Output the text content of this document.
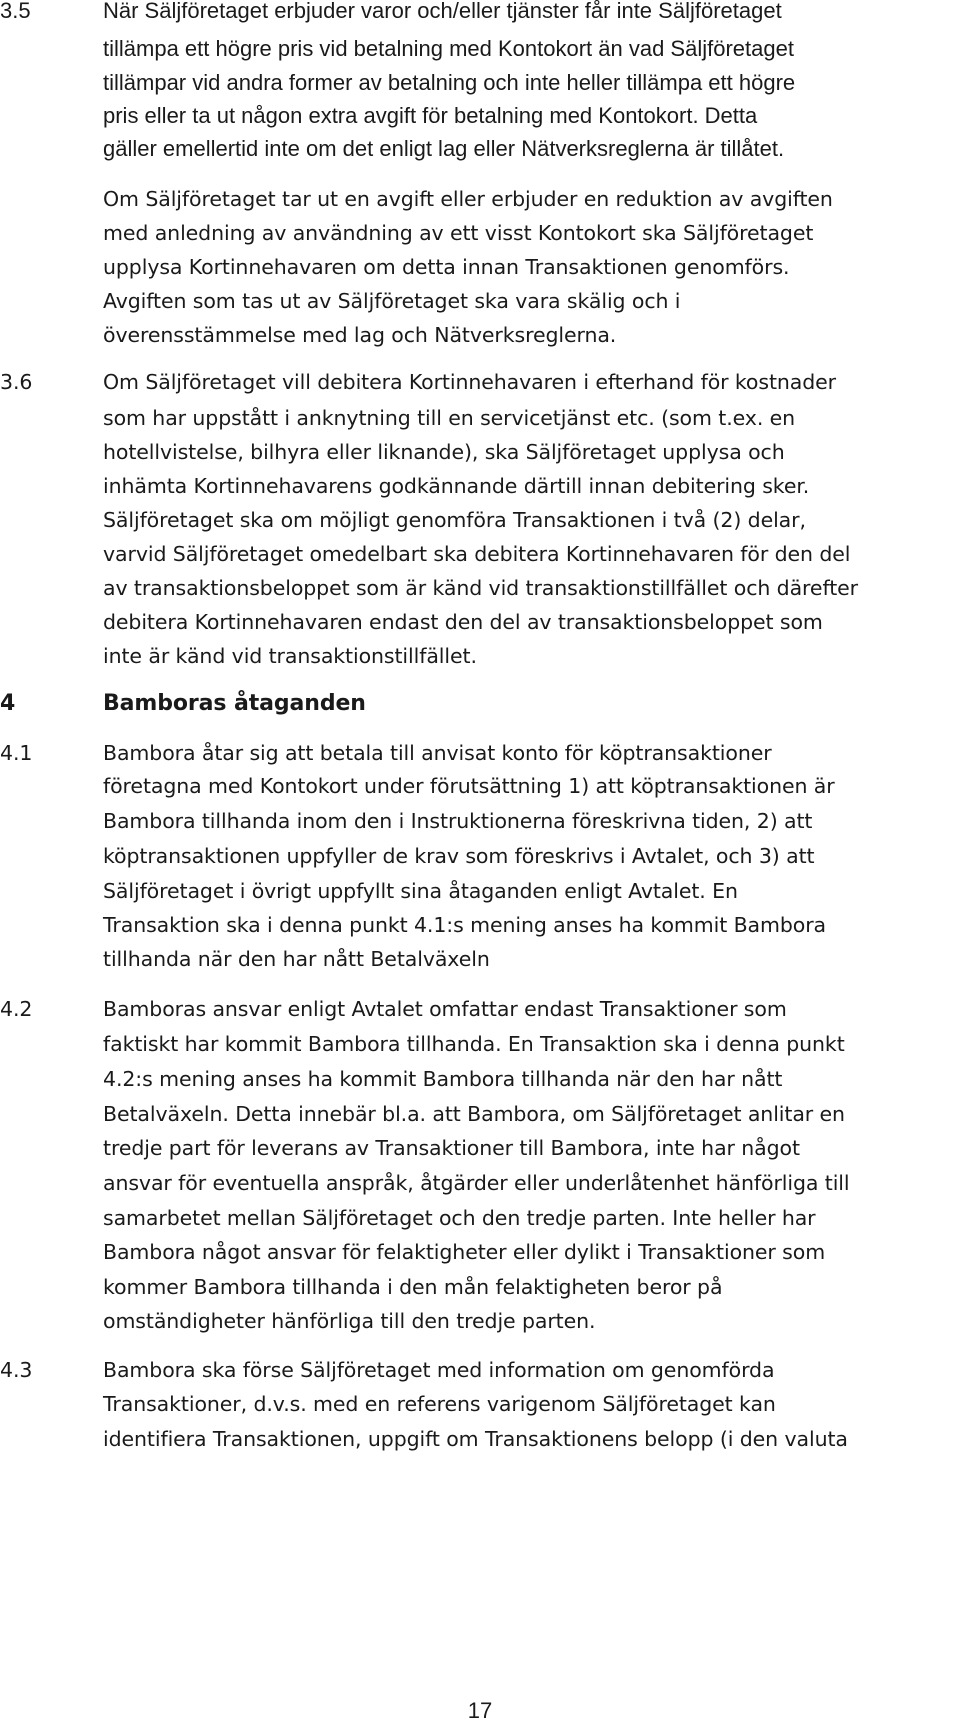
3.5	När Säljföretaget erbjuder varor och/eller tjänster får inte Säljföretaget
tillämpa ett högre pris vid betalning med Kontokort än vad Säljföretaget
tillämpar vid andra former av betalning och inte heller tillämpa ett högre
pris eller ta ut någon extra avgift för betalning med Kontokort. Detta
gäller emellertid inte om det enligt lag eller Nätverksreglerna är tillåtet.
Om Säljföretaget tar ut en avgift eller erbjuder en reduktion av avgiften
med anledning av användning av ett visst Kontokort ska Säljföretaget
upplysa Kortinnehavaren om detta innan Transaktionen genomförs.
Avgiften som tas ut av Säljföretaget ska vara skälig och i
överensstämmelse med lag och Nätverksreglerna.
3.6	Om Säljföretaget vill debitera Kortinnehavaren i efterhand för kostnader
som har uppstått i anknytning till en servicetjänst etc. (som t.ex. en
hotellvistelse, bilhyra eller liknande), ska Säljföretaget upplysa och
inhämta Kortinnehavarens godkännande därtill innan debitering sker.
Säljföretaget ska om möjligt genomföra Transaktionen i två (2) delar,
varvid Säljföretaget omedelbart ska debitera Kortinnehavaren för den del
av transaktionsbeloppet som är känd vid transaktionstillfället och därefter
debitera Kortinnehavaren endast den del av transaktionsbeloppet som
inte är känd vid transaktionstillfället.
4	Bamboras åtaganden
4.1	Bambora åtar sig att betala till anvisat konto för köptransaktioner
företagna med Kontokort under förutsättning 1) att köptransaktionen är
Bambora tillhanda inom den i Instruktionerna föreskrivna tiden, 2) att
köptransaktionen uppfyller de krav som föreskrivs i Avtalet, och 3) att
Säljföretaget i övrigt uppfyllt sina åtaganden enligt Avtalet. En
Transaktion ska i denna punkt 4.1:s mening anses ha kommit Bambora
tillhanda när den har nått Betalväxeln
4.2	Bamboras ansvar enligt Avtalet omfattar endast Transaktioner som
faktiskt har kommit Bambora tillhanda. En Transaktion ska i denna punkt
4.2:s mening anses ha kommit Bambora tillhanda när den har nått
Betalväxeln. Detta innebär bl.a. att Bambora, om Säljföretaget anlitar en
tredje part för leverans av Transaktioner till Bambora, inte har något
ansvar för eventuella anspråk, åtgärder eller underlåtenhet hänförliga till
samarbetet mellan Säljföretaget och den tredje parten. Inte heller har
Bambora något ansvar för felaktigheter eller dylikt i Transaktioner som
kommer Bambora tillhanda i den mån felaktigheten beror på
omständigheter hänförliga till den tredje parten.
4.3	Bambora ska förse Säljföretaget med information om genomförda
Transaktioner, d.v.s. med en referens varigenom Säljföretaget kan
identifiera Transaktionen, uppgift om Transaktionens belopp (i den valuta
17
